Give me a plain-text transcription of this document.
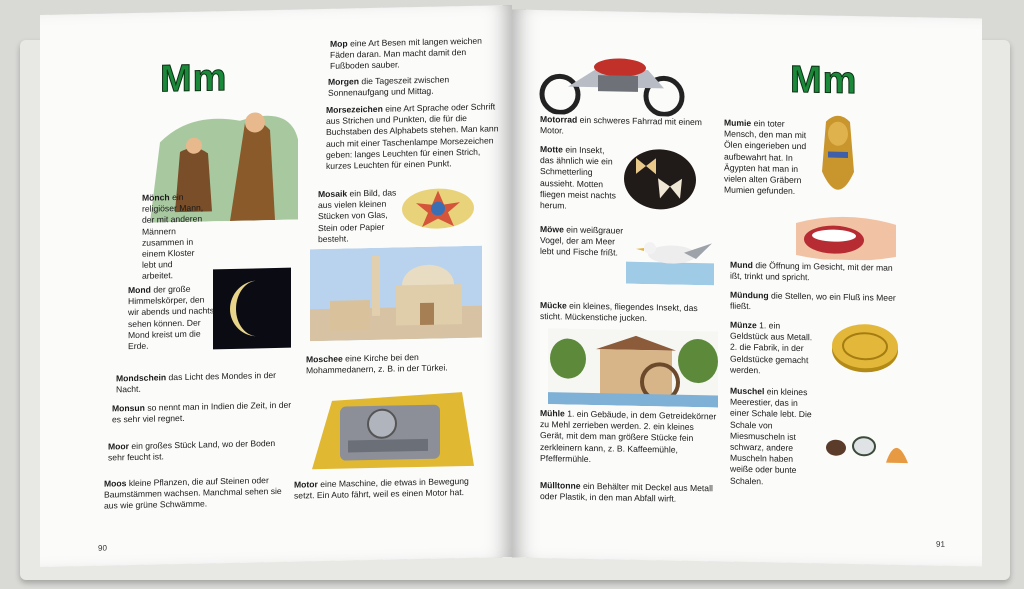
Mm
Mönch ein religiöser Mann, der mit anderen Männern zusammen in einem Kloster lebt und arbeitet.
Mond der große Himmelskörper, den wir abends und nachts sehen können. Der Mond kreist um die Erde.
Mondschein das Licht des Mondes in der Nacht.
Monsun so nennt man in Indien die Zeit, in der es sehr viel regnet.
Moor ein großes Stück Land, wo der Boden sehr feucht ist.
Moos kleine Pflanzen, die auf Steinen oder Baumstämmen wachsen. Manchmal sehen sie aus wie grüne Schwämme.
Mop eine Art Besen mit langen weichen Fäden daran. Man macht damit den Fußboden sauber.
Morgen die Tageszeit zwischen Sonnenaufgang und Mittag.
Morsezeichen eine Art Sprache oder Schrift aus Strichen und Punkten, die für die Buchstaben des Alphabets stehen. Man kann auch mit einer Taschenlampe Morsezeichen geben: langes Leuchten für einen Strich, kurzes Leuchten für einen Punkt.
Mosaik ein Bild, das aus vielen kleinen Stücken von Glas, Stein oder Papier besteht.
Moschee eine Kirche bei den Mohammedanern, z. B. in der Türkei.
Motor eine Maschine, die etwas in Bewegung setzt. Ein Auto fährt, weil es einen Motor hat.
90
Mm
Motorrad ein schweres Fahrrad mit einem Motor.
Motte ein Insekt, das ähnlich wie ein Schmetterling aussieht. Motten fliegen meist nachts herum.
Möwe ein weißgrauer Vogel, der am Meer lebt und Fische frißt.
Mücke ein kleines, fliegendes Insekt, das sticht. Mückenstiche jucken.
Mühle 1. ein Gebäude, in dem Getreidekörner zu Mehl zerrieben werden. 2. ein kleines Gerät, mit dem man größere Stücke fein zerkleinern kann, z. B. Kaffeemühle, Pfeffermühle.
Mülltonne ein Behälter mit Deckel aus Metall oder Plastik, in den man Abfall wirft.
Mumie ein toter Mensch, den man mit Ölen eingerieben und aufbewahrt hat. In Ägypten hat man in vielen alten Gräbern Mumien gefunden.
Mund die Öffnung im Gesicht, mit der man ißt, trinkt und spricht.
Mündung die Stellen, wo ein Fluß ins Meer fließt.
Münze 1. ein Geldstück aus Metall. 2. die Fabrik, in der Geldstücke gemacht werden.
Muschel ein kleines Meerestier, das in einer Schale lebt. Die Schale von Miesmuscheln ist schwarz, andere Muscheln haben weiße oder bunte Schalen.
91
